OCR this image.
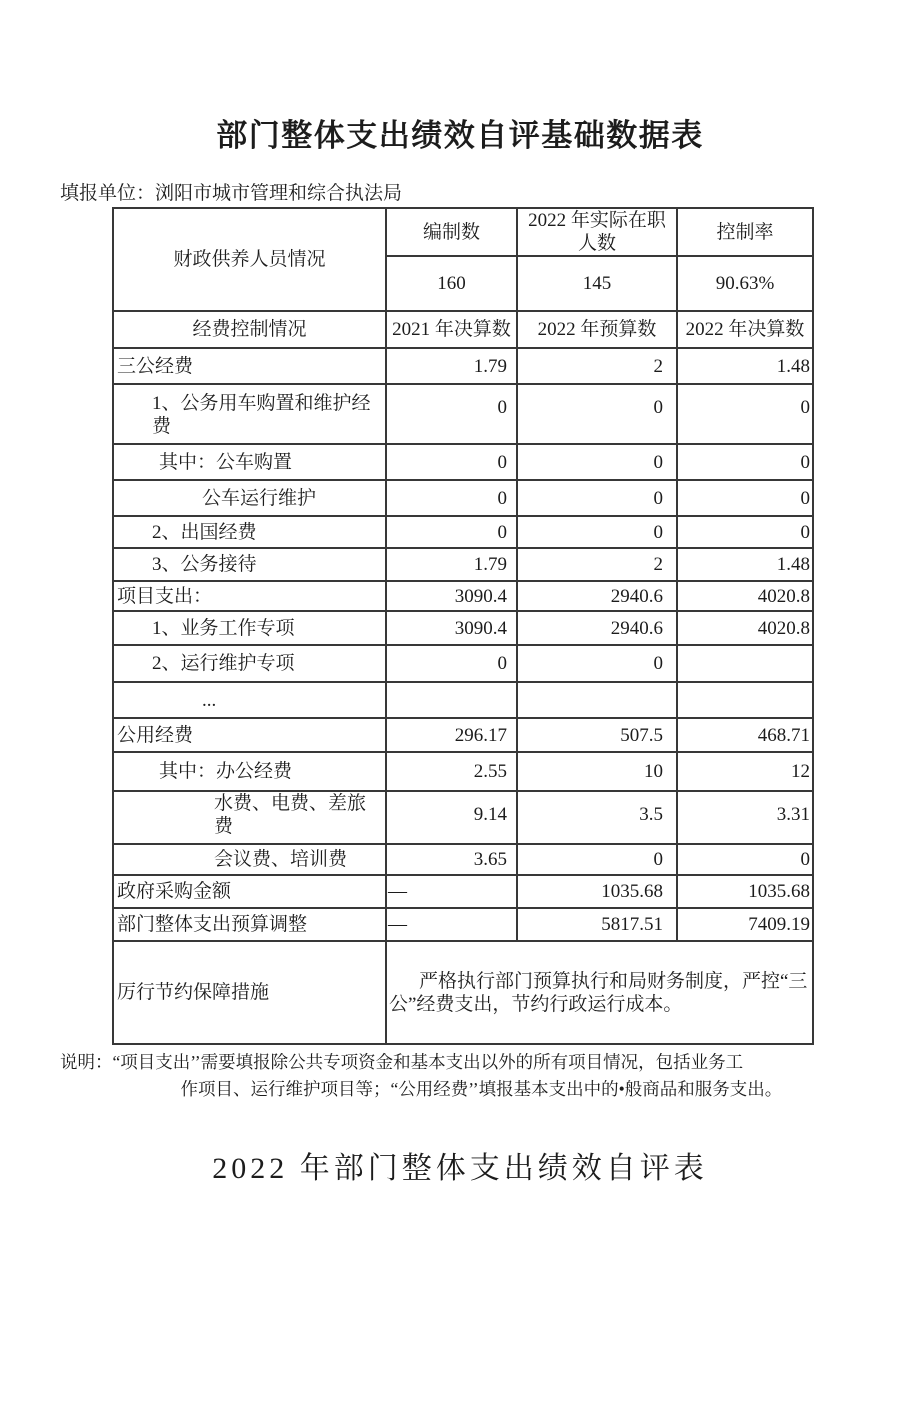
部门整体支出绩效自评基础数据表
填报单位：浏阳市城市管理和综合执法局
财政供养人员情况	编制数	2022 年实际在职人数	控制率
	160	145	90.63%
经费控制情况	2021 年决算数	2022 年预算数	2022 年决算数
三公经费	1.79	2	1.48
1、公务用车购置和维护经费	0	0	0
其中：公车购置	0	0	0
公车运行维护	0	0	0
2、出国经费	0	0	0
3、公务接待	1.79	2	1.48
项目支出：	3090.4	2940.6	4020.8
1、业务工作专项	3090.4	2940.6	4020.8
2、运行维护专项	0	0	
...			
公用经费	296.17	507.5	468.71
其中：办公经费	2.55	10	12
水费、电费、差旅费	9.14	3.5	3.31
会议费、培训费	3.65	0	0
政府采购金额	—	1035.68	1035.68
部门整体支出预算调整	—	5817.51	7409.19
厉行节约保障措施	严格执行部门预算执行和局财务制度，严控“三公”经费支出，节约行政运行成本。		
说明： “项目支出’’需要填报除公共专项资金和基本支出以外的所有项目情况，包括业务工
作项目、运行维护项目等；“公用经费’’填报基本支出中的•般商品和服务支出。
2022 年部门整体支出绩效自评表
